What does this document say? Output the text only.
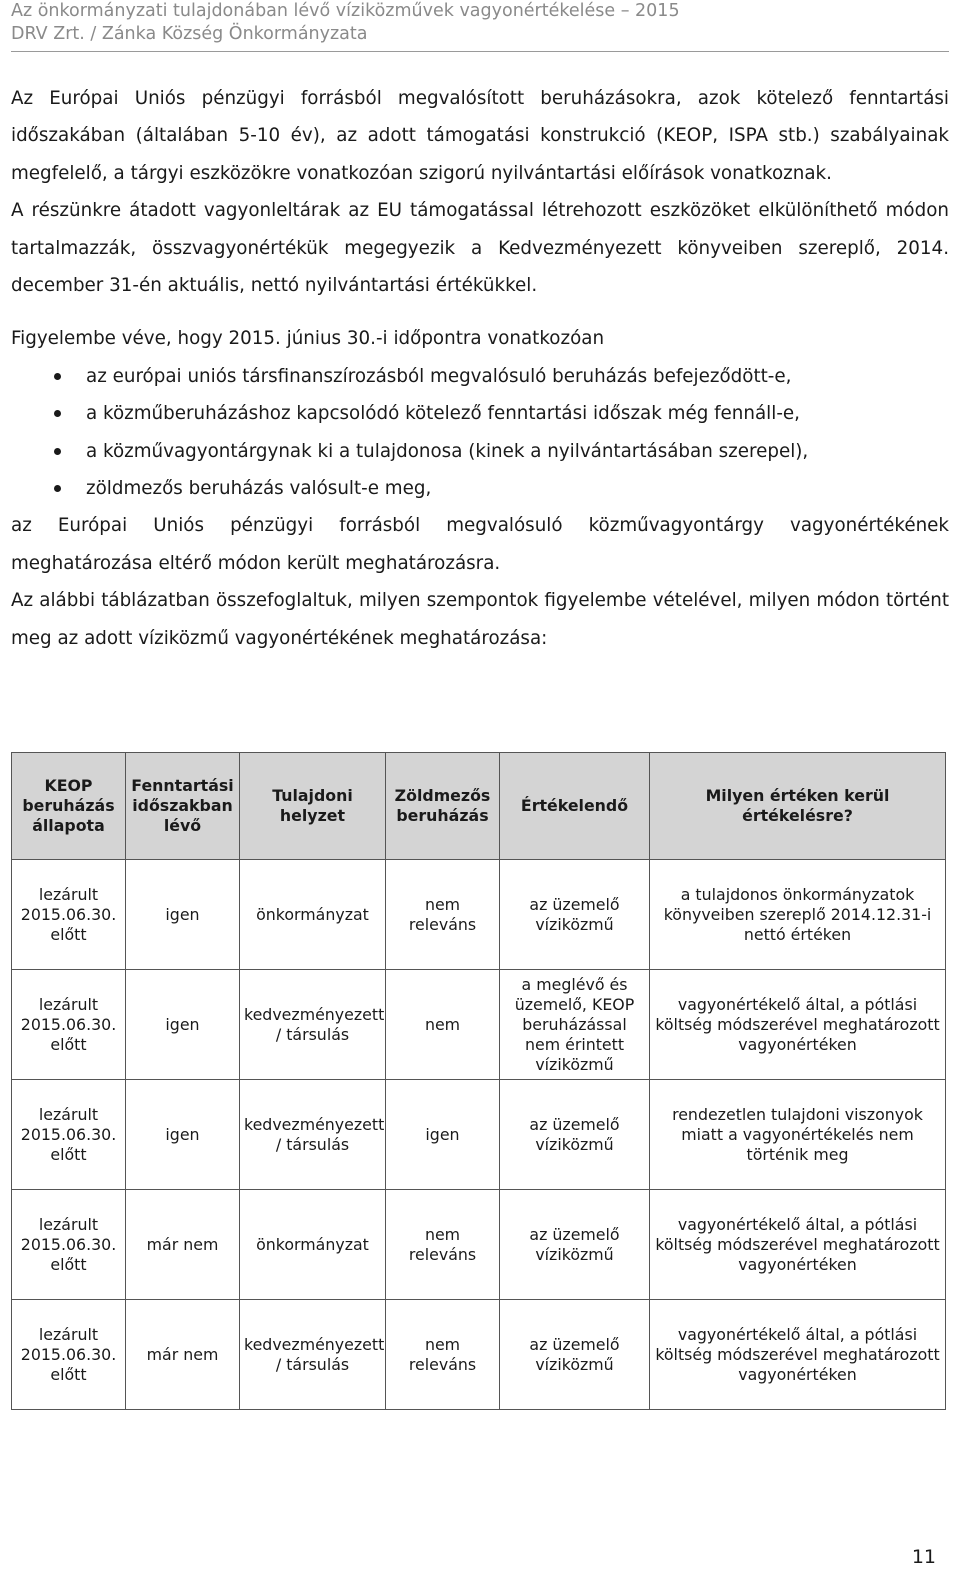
Az önkormányzati tulajdonában lévő víziközművek vagyonértékelése – 2015
DRV Zrt. / Zánka Község Önkormányzata

Az Európai Uniós pénzügyi forrásból megvalósított beruházásokra, azok kötelező fenntartási időszakában (általában 5-10 év), az adott támogatási konstrukció (KEOP, ISPA stb.) szabályainak megfelelő, a tárgyi eszközökre vonatkozóan szigorú nyilvántartási előírások vonatkoznak.

A részünkre átadott vagyonleltárak az EU támogatással létrehozott eszközöket elkülöníthető módon tartalmazzák, összvagyonértékük megegyezik a Kedvezményezett könyveiben szereplő, 2014. december 31-én aktuális, nettó nyilvántartási értékükkel.

Figyelembe véve, hogy 2015. június 30.-i időpontra vonatkozóan

az európai uniós társfinanszírozásból megvalósuló beruházás befejeződött-e,
a közműberuházáshoz kapcsolódó kötelező fenntartási időszak még fennáll-e,
a közművagyontárgynak ki a tulajdonosa (kinek a nyilvántartásában szerepel),
zöldmezős beruházás valósult-e meg,

az Európai Uniós pénzügyi forrásból megvalósuló közművagyontárgy vagyonértékének meghatározása eltérő módon került meghatározásra.

Az alábbi táblázatban összefoglaltuk, milyen szempontok figyelembe vételével, milyen módon történt meg az adott víziközmű vagyonértékének meghatározása:

KEOP beruházás állapota	Fenntartási időszakban lévő	Tulajdoni helyzet	Zöldmezős beruházás	Értékelendő	Milyen értéken kerül értékelésre?
lezárult 2015.06.30. előtt	igen	önkormányzat	nem releváns	az üzemelő víziközmű	a tulajdonos önkormányzatok könyveiben szereplő 2014.12.31-i nettó értéken
lezárult 2015.06.30. előtt	igen	kedvezményezett / társulás	nem	a meglévő és üzemelő, KEOP beruházással nem érintett víziközmű	vagyonértékelő által, a pótlási költség módszerével meghatározott vagyonértéken
lezárult 2015.06.30. előtt	igen	kedvezményezett / társulás	igen	az üzemelő víziközmű	rendezetlen tulajdoni viszonyok miatt a vagyonértékelés nem történik meg
lezárult 2015.06.30. előtt	már nem	önkormányzat	nem releváns	az üzemelő víziközmű	vagyonértékelő által, a pótlási költség módszerével meghatározott vagyonértéken
lezárult 2015.06.30. előtt	már nem	kedvezményezett / társulás	nem releváns	az üzemelő víziközmű	vagyonértékelő által, a pótlási költség módszerével meghatározott vagyonértéken
11
